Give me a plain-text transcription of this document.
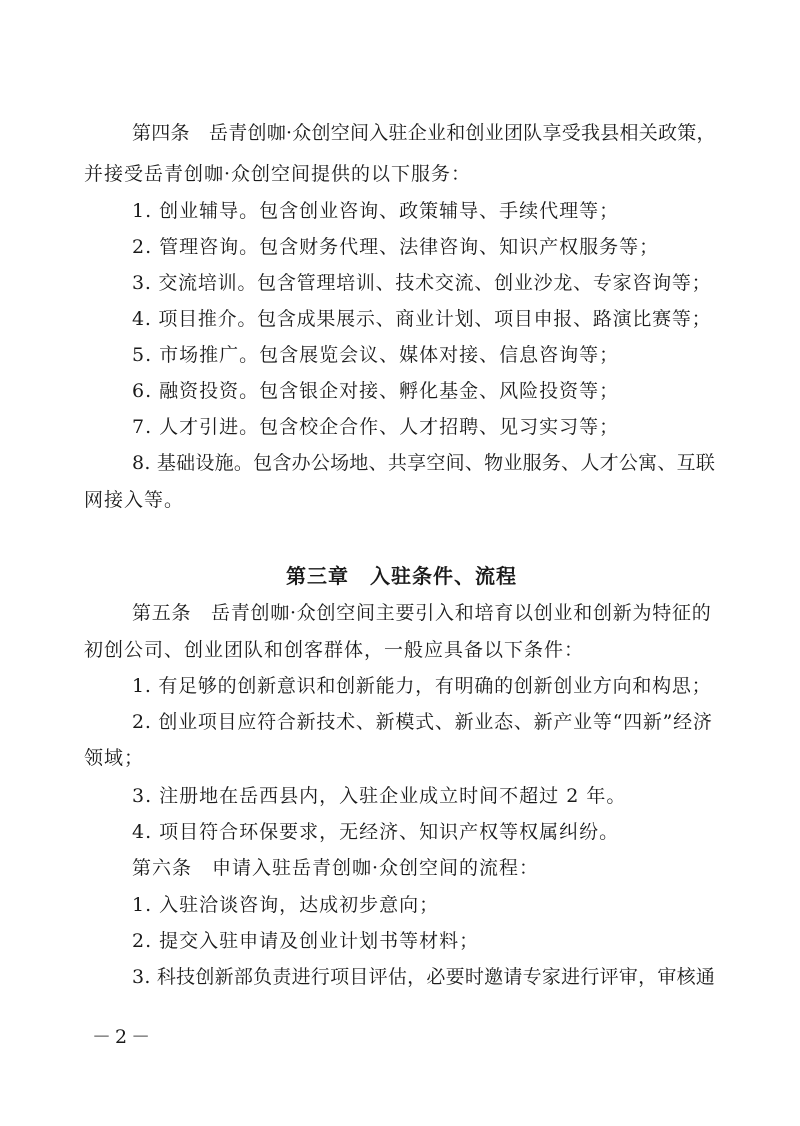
第四条　岳青创咖·众创空间入驻企业和创业团队享受我县相关政策，
并接受岳青创咖·众创空间提供的以下服务：
1. 创业辅导。包含创业咨询、政策辅导、手续代理等；
2. 管理咨询。包含财务代理、法律咨询、知识产权服务等；
3. 交流培训。包含管理培训、技术交流、创业沙龙、专家咨询等；
4. 项目推介。包含成果展示、商业计划、项目申报、路演比赛等；
5. 市场推广。包含展览会议、媒体对接、信息咨询等；
6. 融资投资。包含银企对接、孵化基金、风险投资等；
7. 人才引进。包含校企合作、人才招聘、见习实习等；
8. 基础设施。包含办公场地、共享空间、物业服务、人才公寓、互联
网接入等。
第三章　入驻条件、流程
第五条　岳青创咖·众创空间主要引入和培育以创业和创新为特征的
初创公司、创业团队和创客群体，一般应具备以下条件：
1. 有足够的创新意识和创新能力，有明确的创新创业方向和构思；
2. 创业项目应符合新技术、新模式、新业态、新产业等“四新”经济
领域；
3. 注册地在岳西县内，入驻企业成立时间不超过 2 年。
4. 项目符合环保要求，无经济、知识产权等权属纠纷。
第六条　申请入驻岳青创咖·众创空间的流程：
1. 入驻洽谈咨询，达成初步意向；
2. 提交入驻申请及创业计划书等材料；
3. 科技创新部负责进行项目评估，必要时邀请专家进行评审，审核通
－2－
